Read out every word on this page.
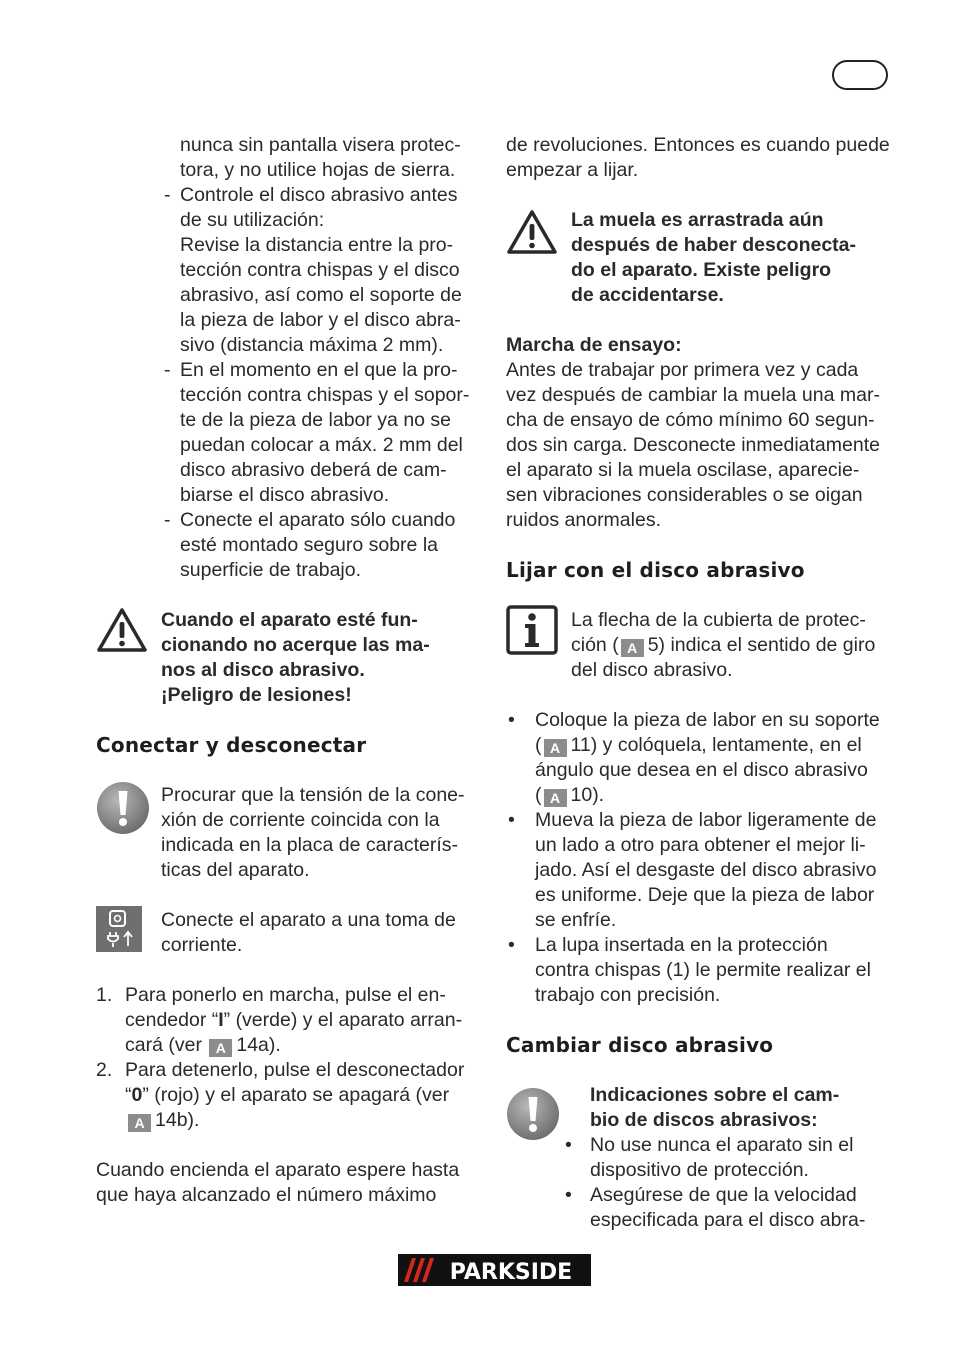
nunca sin pantalla visera protec-
tora, y no utilice hojas de sierra.

- Controle el disco abrasivo antes
de su utilización:
Revise la distancia entre la pro-
tección contra chispas y el disco
abrasivo, así como el soporte de
la pieza de labor y el disco abra-
sivo (distancia máxima 2 mm).
- En el momento en el que la pro-
tección contra chispas y el sopor-
te de la pieza de labor ya no se
puedan colocar a máx. 2 mm del
disco abrasivo deberá de cam-
biarse el disco abrasivo.
- Conecte el aparato sólo cuando
esté montado seguro sobre la
superficie de trabajo.

Cuando el aparato esté fun-
cionando no acerque las ma-
nos al disco abrasivo.
¡Peligro de lesiones!

Conectar y desconectar

Procurar que la tensión de la cone-
xión de corriente coincida con la
indicada en la placa de caracterís-
ticas del aparato.

Conecte el aparato a una toma de
corriente.

1. Para ponerlo en marcha, pulse el en-
cendedor “I” (verde) y el aparato arran-
cará (ver A 14a).
2. Para detenerlo, pulse el desconectador
“0” (rojo) y el aparato se apagará (ver
A 14b).

Cuando encienda el aparato espere hasta
que haya alcanzado el número máximo

de revoluciones. Entonces es cuando puede
empezar a lijar.

La muela es arrastrada aún
después de haber desconecta-
do el aparato. Existe peligro
de accidentarse.

Marcha de ensayo:

Antes de trabajar por primera vez y cada
vez después de cambiar la muela una mar-
cha de ensayo de cómo mínimo 60 segun-
dos sin carga. Desconecte inmediatamente
el aparato si la muela oscilase, aparecie-
sen vibraciones considerables o se oigan
ruidos anormales.

Lijar con el disco abrasivo

La flecha de la cubierta de protec-
ción ( A 5) indica el sentido de giro
del disco abrasivo.

• Coloque la pieza de labor en su soporte
( A 11) y colóquela, lentamente, en el
ángulo que desea en el disco abrasivo
( A 10).
• Mueva la pieza de labor ligeramente de
un lado a otro para obtener el mejor li-
jado. Así el desgaste del disco abrasivo
es uniforme. Deje que la pieza de labor
se enfríe.
• La lupa insertada en la protección
contra chispas (1) le permite realizar el
trabajo con precisión.
Cambiar disco abrasivo

Indicaciones sobre el cam-
bio de discos abrasivos:

• No use nunca el aparato sin el
dispositivo de protección.
• Asegúrese de que la velocidad
especificada para el disco abra-
PARKSIDE
